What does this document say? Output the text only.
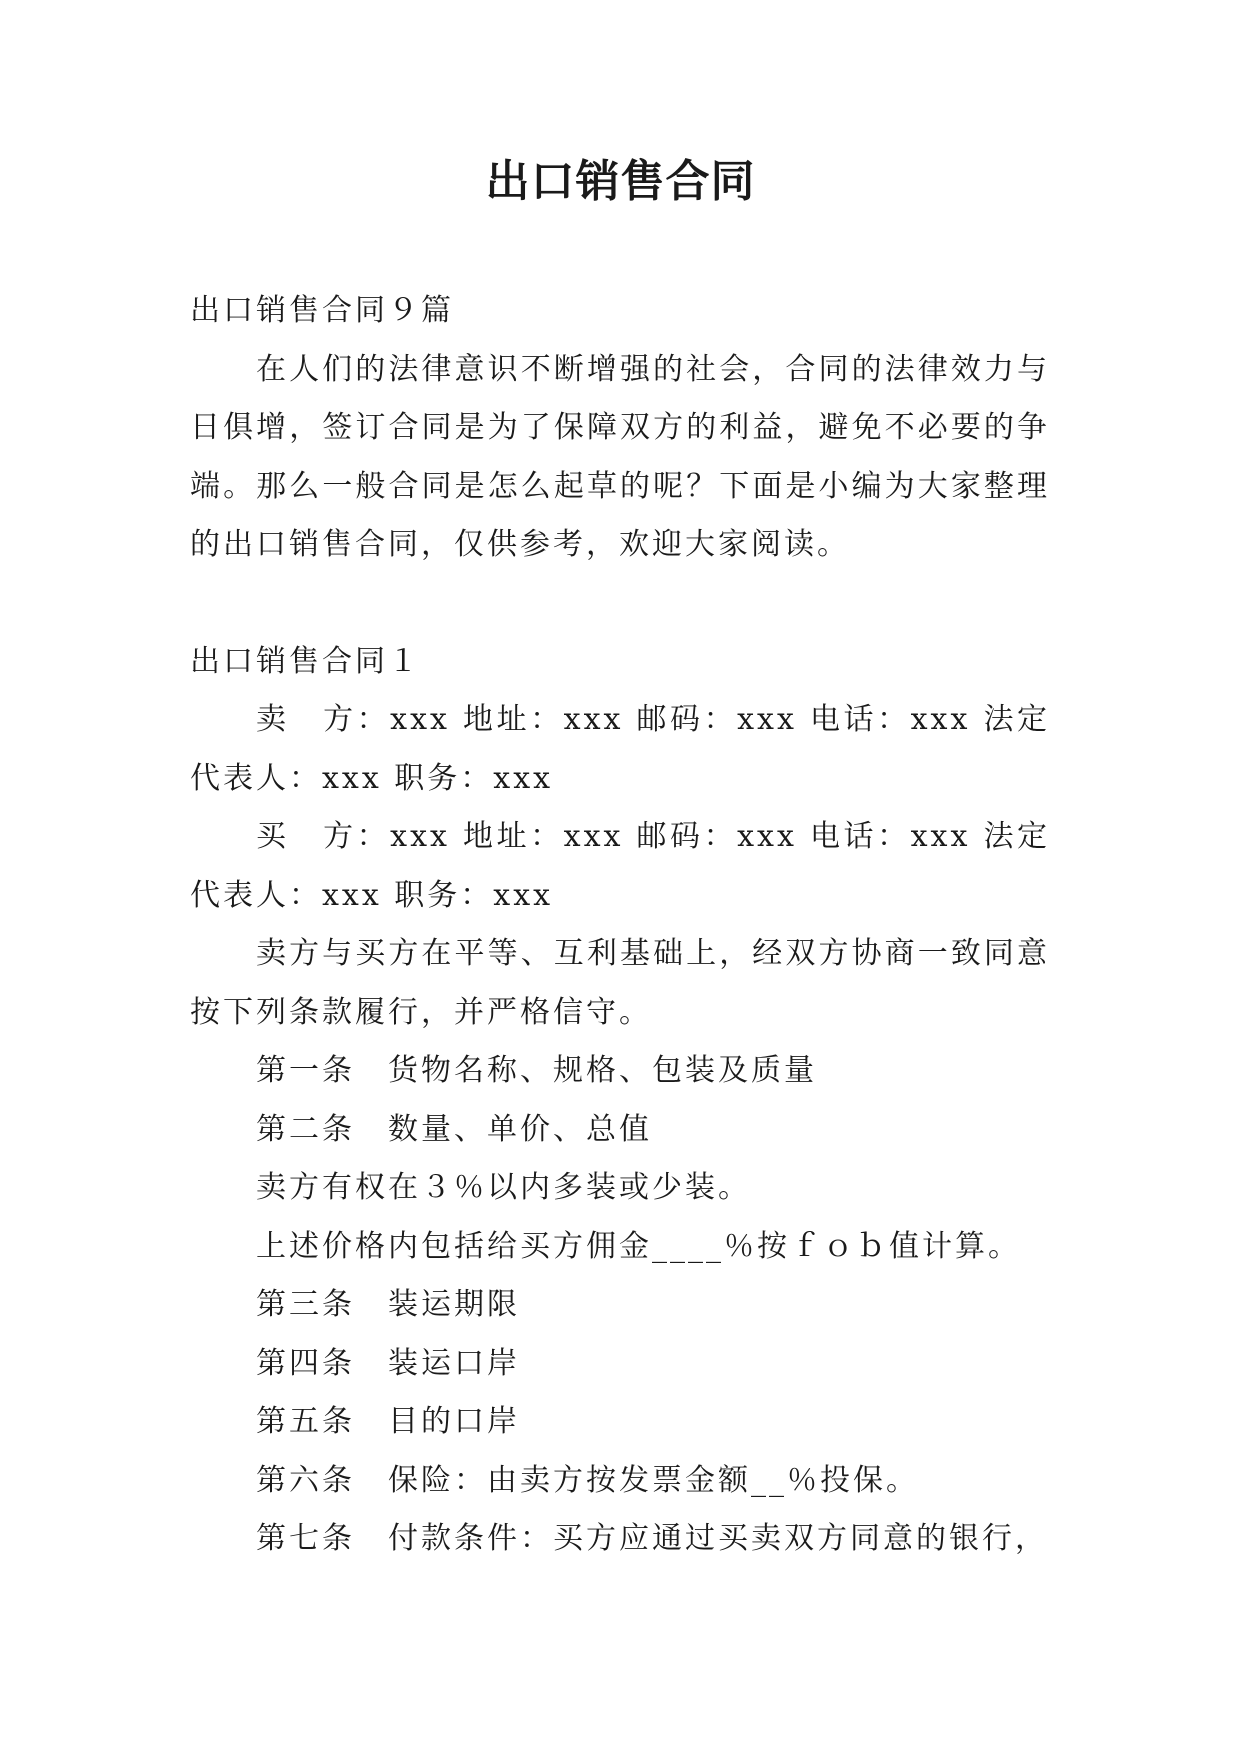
出口销售合同

出口销售合同９篇

在人们的法律意识不断增强的社会，合同的法律效力与日俱增，签订合同是为了保障双方的利益，避免不必要的争端。那么一般合同是怎么起草的呢？下面是小编为大家整理的出口销售合同，仅供参考，欢迎大家阅读。

出口销售合同１

卖　方：xxx 地址：xxx 邮码：xxx 电话：xxx 法定代表人：xxx 职务：xxx

买　方：xxx 地址：xxx 邮码：xxx 电话：xxx 法定代表人：xxx 职务：xxx

卖方与买方在平等、互利基础上，经双方协商一致同意按下列条款履行，并严格信守。

第一条　货物名称、规格、包装及质量

第二条　数量、单价、总值

卖方有权在３％以内多装或少装。

上述价格内包括给买方佣金____％按ｆｏｂ值计算。

第三条　装运期限

第四条　装运口岸

第五条　目的口岸

第六条　保险：由卖方按发票金额__％投保。

第七条　付款条件：买方应通过买卖双方同意的银行，
